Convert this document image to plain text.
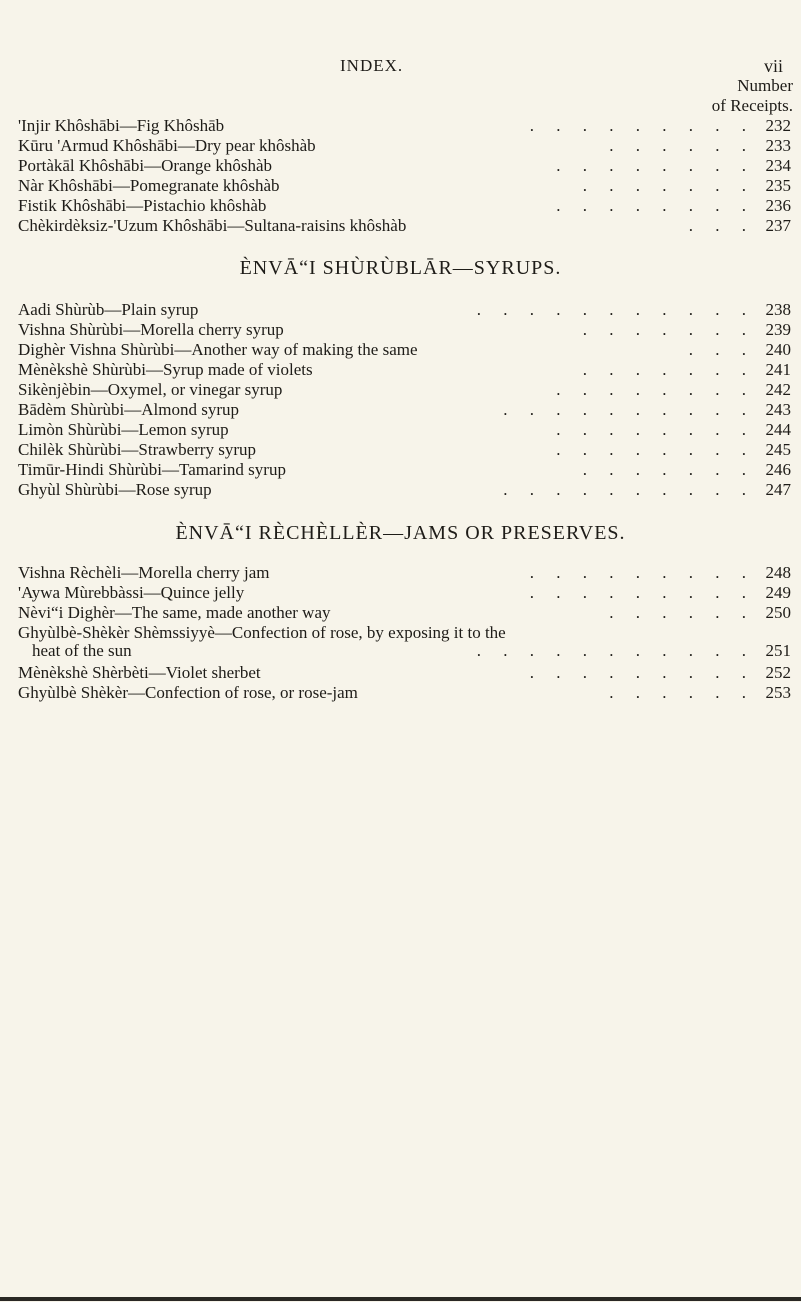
INDEX.	vii
Number
of Receipts.
'Injir Khôshābi—Fig Khôshāb	. . . . . . . . . 232
Kūru 'Armud Khôshābi—Dry pear khôshàb	. . . . . . 233
Portàkāl Khôshābi—Orange khôshàb	. . . . . . . . 234
Nàr Khôshābi—Pomegranate khôshàb	. . . . . . . 235
Fistik Khôshābi—Pistachio khôshàb	. . . . . . . . 236
Chèkirdèksiz-'Uzum Khôshābi—Sultana-raisins khôshàb	. . . 237
ÈNVĀ“I SHÙRÙBLĀR—SYRUPS.
Aadi Shùrùb—Plain syrup	. . . . . . . . . . . 238
Vishna Shùrùbi—Morella cherry syrup	. . . . . . . 239
Dighèr Vishna Shùrùbi—Another way of making the same	. . . 240
Mènèkshè Shùrùbi—Syrup made of violets	. . . . . . . 241
Sikènjèbin—Oxymel, or vinegar syrup	. . . . . . . . 242
Bādèm Shùrùbi—Almond syrup	. . . . . . . . . . 243
Limòn Shùrùbi—Lemon syrup	. . . . . . . . 244
Chilèk Shùrùbi—Strawberry syrup	. . . . . . . . 245
Timūr-Hindi Shùrùbi—Tamarind syrup	. . . . . . . 246
Ghyùl Shùrùbi—Rose syrup	. . . . . . . . . . 247
ÈNVĀ“I RÈCHÈLLÈR—JAMS OR PRESERVES.
Vishna Rèchèli—Morella cherry jam	. . . . . . . . . 248
'Aywa Mùrebbàssi—Quince jelly	. . . . . . . . . 249
Nèvi“i Dighèr—The same, made another way	. . . . . . 250
Ghyùlbè-Shèkèr Shèmssiyyè—Confection of rose, by exposing it to the
heat of the sun	. . . . . . . . . . . 251
Mènèkshè Shèrbèti—Violet sherbet	. . . . . . . . . 252
Ghyùlbè Shèkèr—Confection of rose, or rose-jam	. . . . . . 253
